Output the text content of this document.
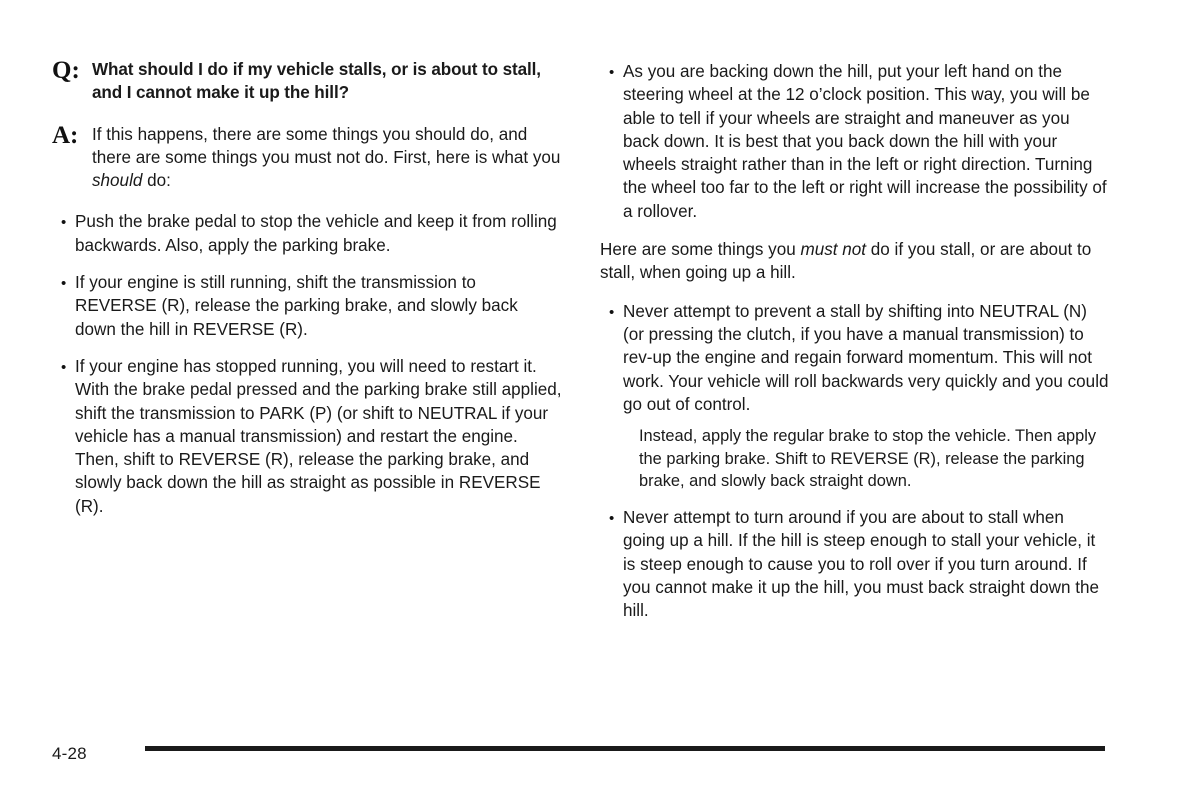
Q: What should I do if my vehicle stalls, or is about to stall, and I cannot make it up the hill?
A: If this happens, there are some things you should do, and there are some things you must not do. First, here is what you should do:
•
Push the brake pedal to stop the vehicle and keep it from rolling backwards. Also, apply the parking brake.
•
If your engine is still running, shift the transmission to REVERSE (R), release the parking brake, and slowly back down the hill in REVERSE (R).
•
If your engine has stopped running, you will need to restart it. With the brake pedal pressed and the parking brake still applied, shift the transmission to PARK (P) (or shift to NEUTRAL if your vehicle has a manual transmission) and restart the engine. Then, shift to REVERSE (R), release the parking brake, and slowly back down the hill as straight as possible in REVERSE (R).
•
As you are backing down the hill, put your left hand on the steering wheel at the 12 o’clock position. This way, you will be able to tell if your wheels are straight and maneuver as you back down. It is best that you back down the hill with your wheels straight rather than in the left or right direction. Turning the wheel too far to the left or right will increase the possibility of a rollover.
Here are some things you must not do if you stall, or are about to stall, when going up a hill.
•
Never attempt to prevent a stall by shifting into NEUTRAL (N) (or pressing the clutch, if you have a manual transmission) to rev-up the engine and regain forward momentum. This will not work. Your vehicle will roll backwards very quickly and you could go out of control.
Instead, apply the regular brake to stop the vehicle. Then apply the parking brake. Shift to REVERSE (R), release the parking brake, and slowly back straight down.
•
Never attempt to turn around if you are about to stall when going up a hill. If the hill is steep enough to stall your vehicle, it is steep enough to cause you to roll over if you turn around. If you cannot make it up the hill, you must back straight down the hill.
4-28
